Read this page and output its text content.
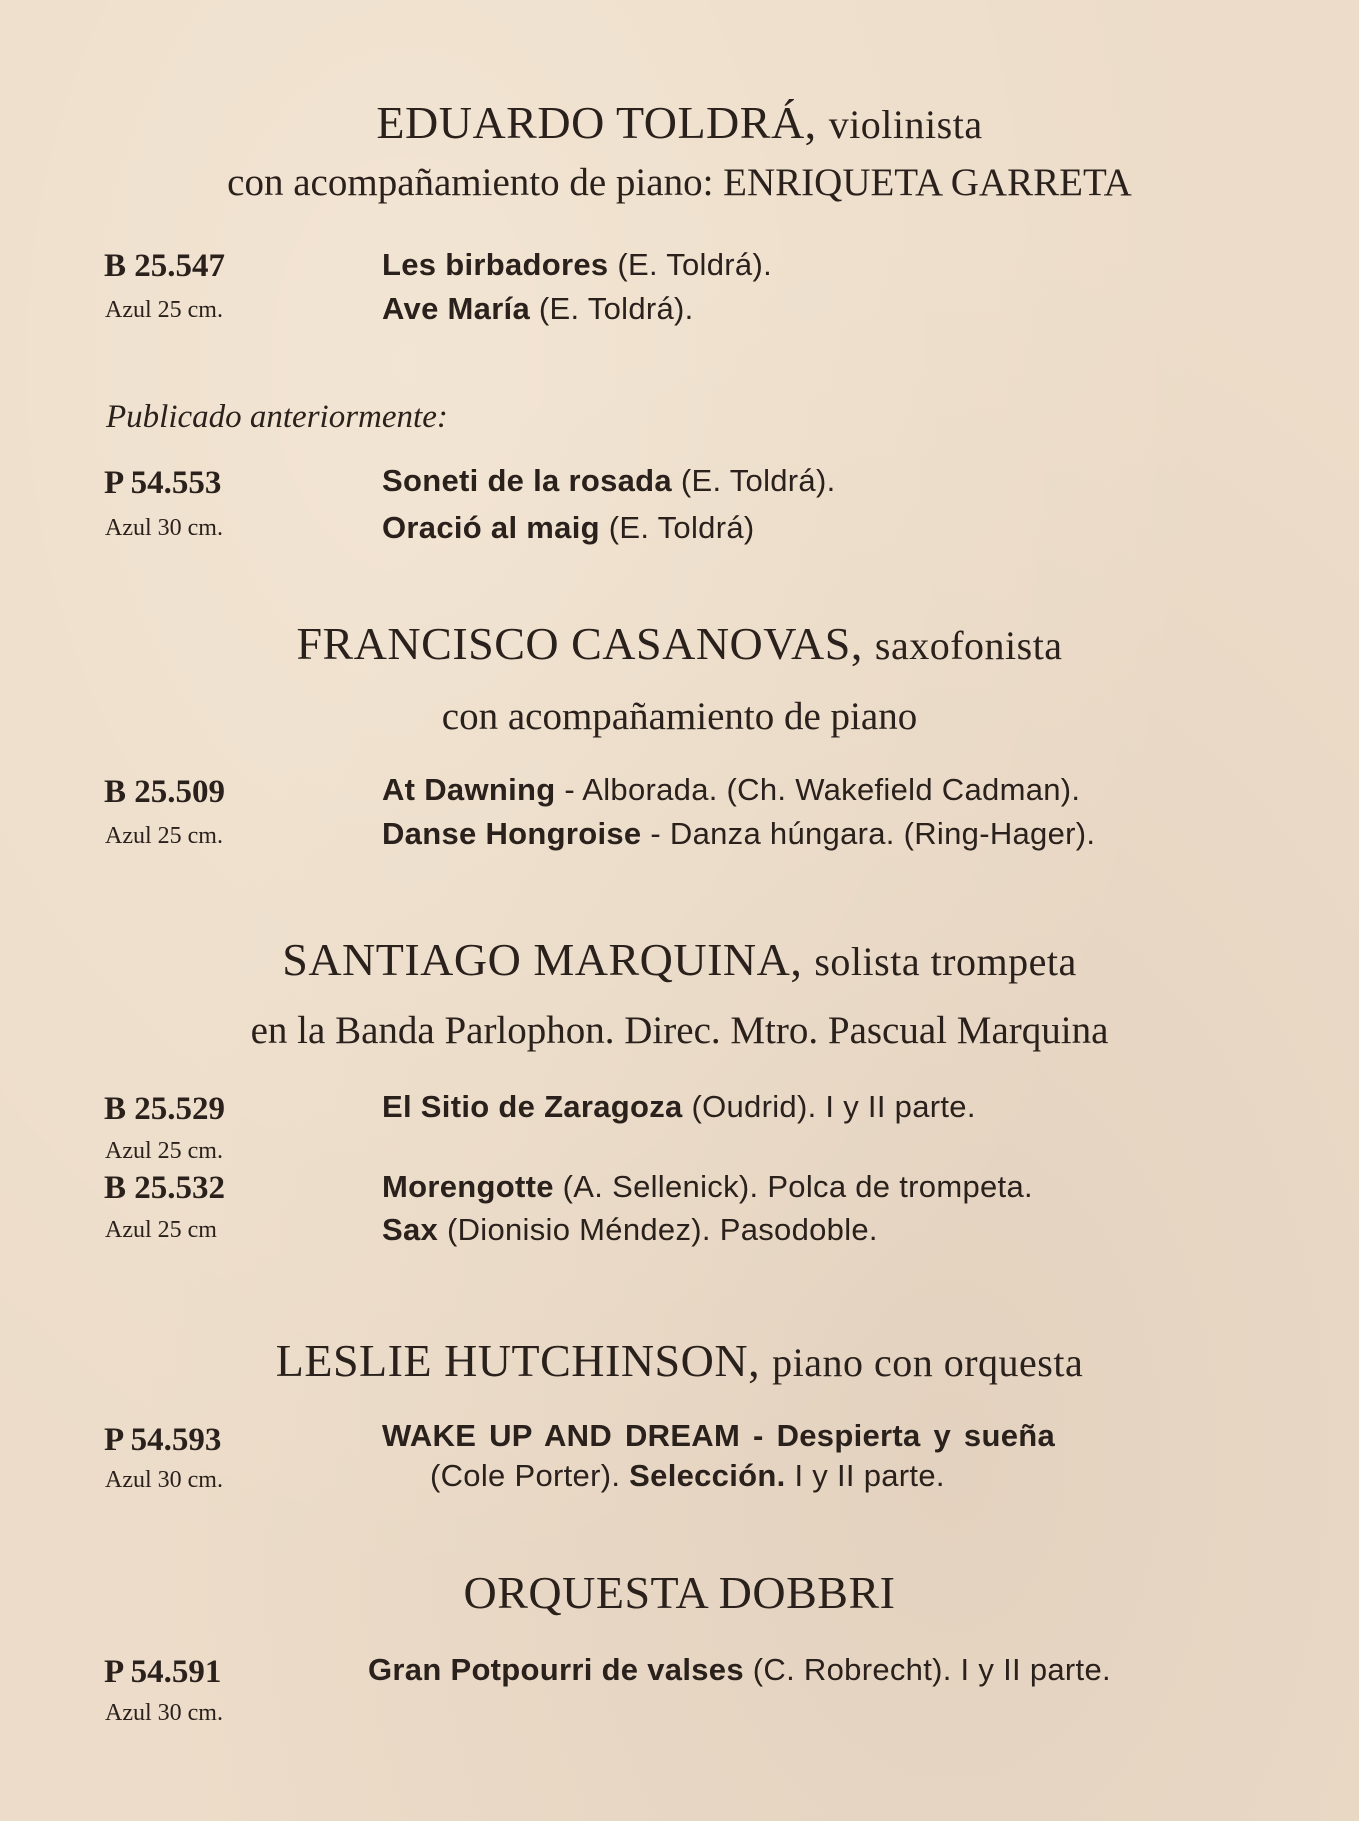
EDUARDO TOLDRÁ, violinista
con acompañamiento de piano: ENRIQUETA GARRETA
B 25.547
Azul 25 cm.
Les birbadores (E. Toldrá).
Ave María (E. Toldrá).
Publicado anteriormente:
P 54.553
Azul 30 cm.
Soneti de la rosada (E. Toldrá).
Oració al maig (E. Toldrá)
FRANCISCO CASANOVAS, saxofonista
con acompañamiento de piano
B 25.509
Azul 25 cm.
At Dawning - Alborada. (Ch. Wakefield Cadman).
Danse Hongroise - Danza húngara. (Ring-Hager).
SANTIAGO MARQUINA, solista trompeta
en la Banda Parlophon. Direc. Mtro. Pascual Marquina
B 25.529
Azul 25 cm.
El Sitio de Zaragoza (Oudrid). I y II parte.
B 25.532
Azul 25 cm
Morengotte (A. Sellenick). Polca de trompeta.
Sax (Dionisio Méndez). Pasodoble.
LESLIE HUTCHINSON, piano con orquesta
P 54.593
Azul 30 cm.
WAKE UP AND DREAM - Despierta y sueña
(Cole Porter). Selección. I y II parte.
ORQUESTA DOBBRI
P 54.591
Azul 30 cm.
Gran Potpourri de valses (C. Robrecht). I y II parte.
